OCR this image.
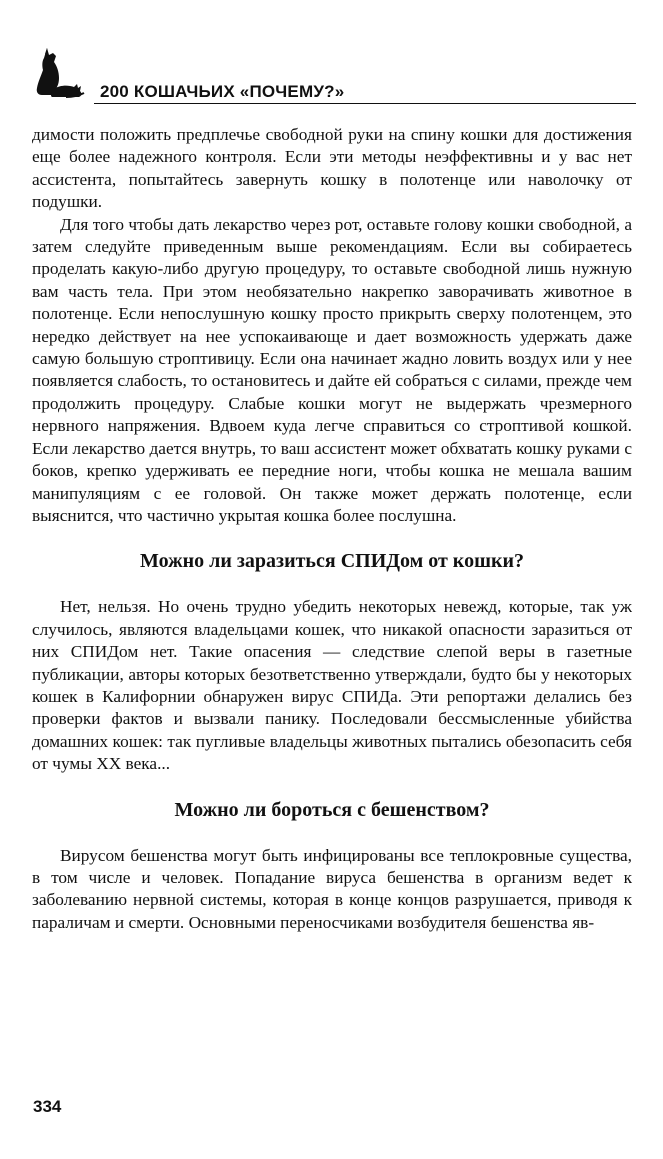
200 КОШАЧЬИХ «ПОЧЕМУ?»

димости положить предплечье свободной руки на спину кошки для достижения еще более надежного контроля. Если эти методы неэффективны и у вас нет ассистента, попытайтесь завернуть кошку в полотенце или наволочку от подушки.

Для того чтобы дать лекарство через рот, оставьте голову кошки свободной, а затем следуйте приведенным выше рекомендациям. Если вы собираетесь проделать какую-либо другую процедуру, то оставьте свободной лишь нужную вам часть тела. При этом необязательно накрепко заворачивать животное в полотенце. Если непослушную кошку просто прикрыть сверху полотенцем, это нередко действует на нее успокаивающе и дает возможность удержать даже самую большую строптивицу. Если она начинает жадно ловить воздух или у нее появляется слабость, то остановитесь и дайте ей собраться с силами, прежде чем продолжить процедуру. Слабые кошки могут не выдержать чрезмерного нервного напряжения. Вдвоем куда легче справиться со строптивой кошкой. Если лекарство дается внутрь, то ваш ассистент может обхватать кошку руками с боков, крепко удерживать ее передние ноги, чтобы кошка не мешала вашим манипуляциям с ее головой. Он также может держать полотенце, если выяснится, что частично укрытая кошка более послушна.

Можно ли заразиться СПИДом от кошки?

Нет, нельзя. Но очень трудно убедить некоторых невежд, которые, так уж случилось, являются владельцами кошек, что никакой опасности заразиться от них СПИДом нет. Такие опасения — следствие слепой веры в газетные публикации, авторы которых безответственно утверждали, будто бы у некоторых кошек в Калифорнии обнаружен вирус СПИДа. Эти репортажи делались без проверки фактов и вызвали панику. Последовали бессмысленные убийства домашних кошек: так пугливые владельцы животных пытались обезопасить себя от чумы XX века...

Можно ли бороться с бешенством?

Вирусом бешенства могут быть инфицированы все теплокровные существа, в том числе и человек. Попадание вируса бешенства в организм ведет к заболеванию нервной системы, которая в конце концов разрушается, приводя к параличам и смерти. Основными переносчиками возбудителя бешенства яв-

334
